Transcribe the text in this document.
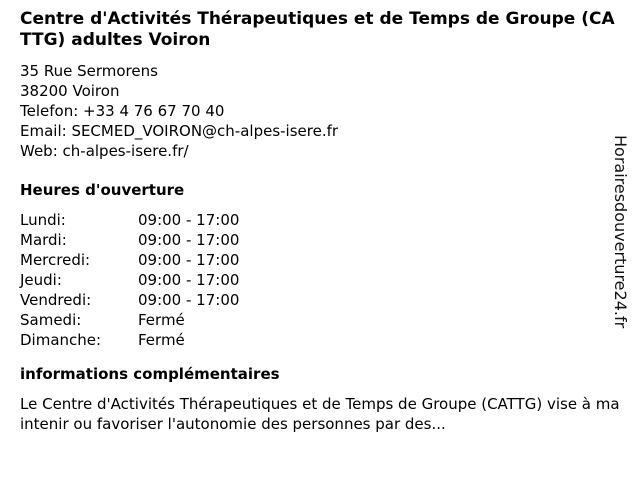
Centre d'Activités Thérapeutiques et de Temps de Groupe (CATTG) adultes Voiron
35 Rue Sermorens
38200 Voiron
Telefon: +33 4 76 67 70 40
Email: SECMED_VOIRON@ch-alpes-isere.fr
Web: ch-alpes-isere.fr/
Heures d'ouverture
Lundi:	09:00 - 17:00
Mardi:	09:00 - 17:00
Mercredi:	09:00 - 17:00
Jeudi:	09:00 - 17:00
Vendredi:	09:00 - 17:00
Samedi:	Fermé
Dimanche:	Fermé
informations complémentaires

Le Centre d'Activités Thérapeutiques et de Temps de Groupe (CATTG) vise à maintenir ou favoriser l'autonomie des personnes par des...

Horairesdouverture24.fr
